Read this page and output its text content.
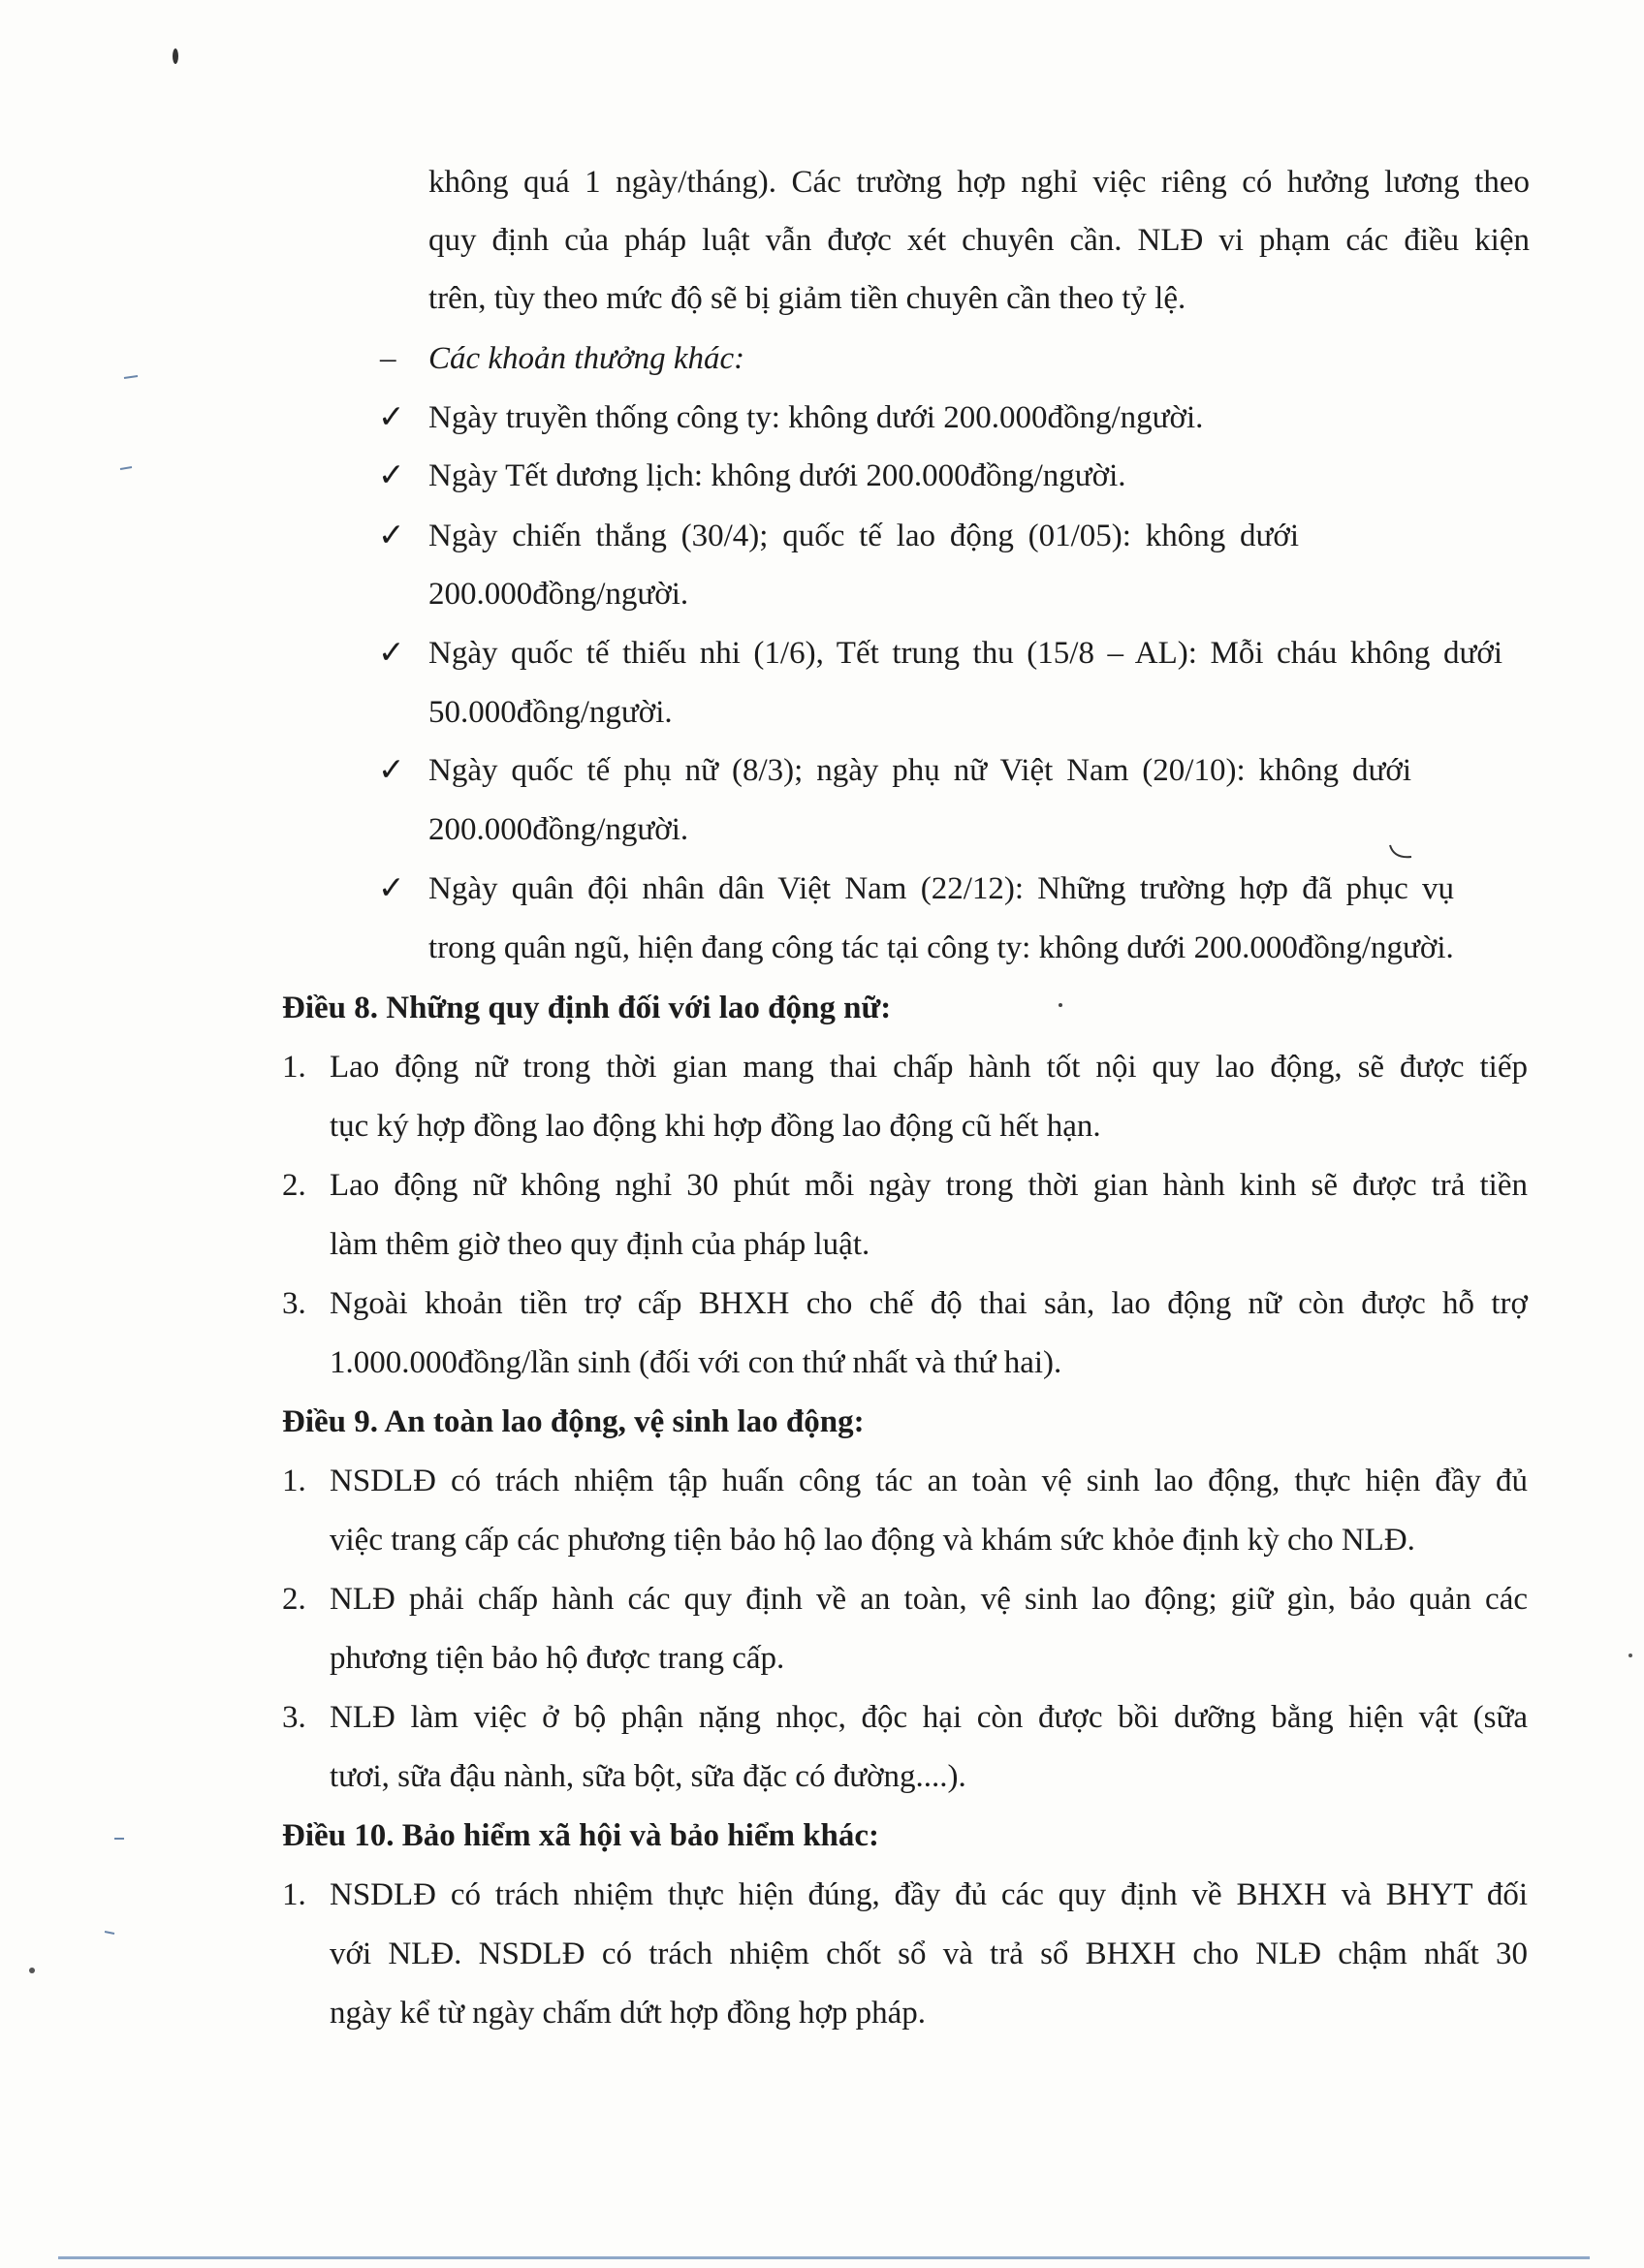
không quá 1 ngày/tháng). Các trường hợp nghỉ việc riêng có hưởng lương theo
quy định của pháp luật vẫn được xét chuyên cần. NLĐ vi phạm các điều kiện
trên, tùy theo mức độ sẽ bị giảm tiền chuyên cần theo tỷ lệ.
– Các khoản thưởng khác:
✓ Ngày truyền thống công ty: không dưới 200.000đồng/người.
✓ Ngày Tết dương lịch: không dưới 200.000đồng/người.
✓ Ngày chiến thắng (30/4); quốc tế lao động (01/05): không dưới
200.000đồng/người.
✓ Ngày quốc tế thiếu nhi (1/6), Tết trung thu (15/8 – AL): Mỗi cháu không dưới
50.000đồng/người.
✓ Ngày quốc tế phụ nữ (8/3); ngày phụ nữ Việt Nam (20/10): không dưới
200.000đồng/người.
✓ Ngày quân đội nhân dân Việt Nam (22/12): Những trường hợp đã phục vụ
trong quân ngũ, hiện đang công tác tại công ty: không dưới 200.000đồng/người.
Điều 8. Những quy định đối với lao động nữ:
1. Lao động nữ trong thời gian mang thai chấp hành tốt nội quy lao động, sẽ được tiếp
tục ký hợp đồng lao động khi hợp đồng lao động cũ hết hạn.
2. Lao động nữ không nghỉ 30 phút mỗi ngày trong thời gian hành kinh sẽ được trả tiền
làm thêm giờ theo quy định của pháp luật.
3. Ngoài khoản tiền trợ cấp BHXH cho chế độ thai sản, lao động nữ còn được hỗ trợ
1.000.000đồng/lần sinh (đối với con thứ nhất và thứ hai).
Điều 9. An toàn lao động, vệ sinh lao động:
1. NSDLĐ có trách nhiệm tập huấn công tác an toàn vệ sinh lao động, thực hiện đầy đủ
việc trang cấp các phương tiện bảo hộ lao động và khám sức khỏe định kỳ cho NLĐ.
2. NLĐ phải chấp hành các quy định về an toàn, vệ sinh lao động; giữ gìn, bảo quản các
phương tiện bảo hộ được trang cấp.
3. NLĐ làm việc ở bộ phận nặng nhọc, độc hại còn được bồi dưỡng bằng hiện vật (sữa
tươi, sữa đậu nành, sữa bột, sữa đặc có đường....).
Điều 10. Bảo hiểm xã hội và bảo hiểm khác:
1. NSDLĐ có trách nhiệm thực hiện đúng, đầy đủ các quy định về BHXH và BHYT đối
với NLĐ. NSDLĐ có trách nhiệm chốt sổ và trả sổ BHXH cho NLĐ chậm nhất 30
ngày kể từ ngày chấm dứt hợp đồng hợp pháp.
